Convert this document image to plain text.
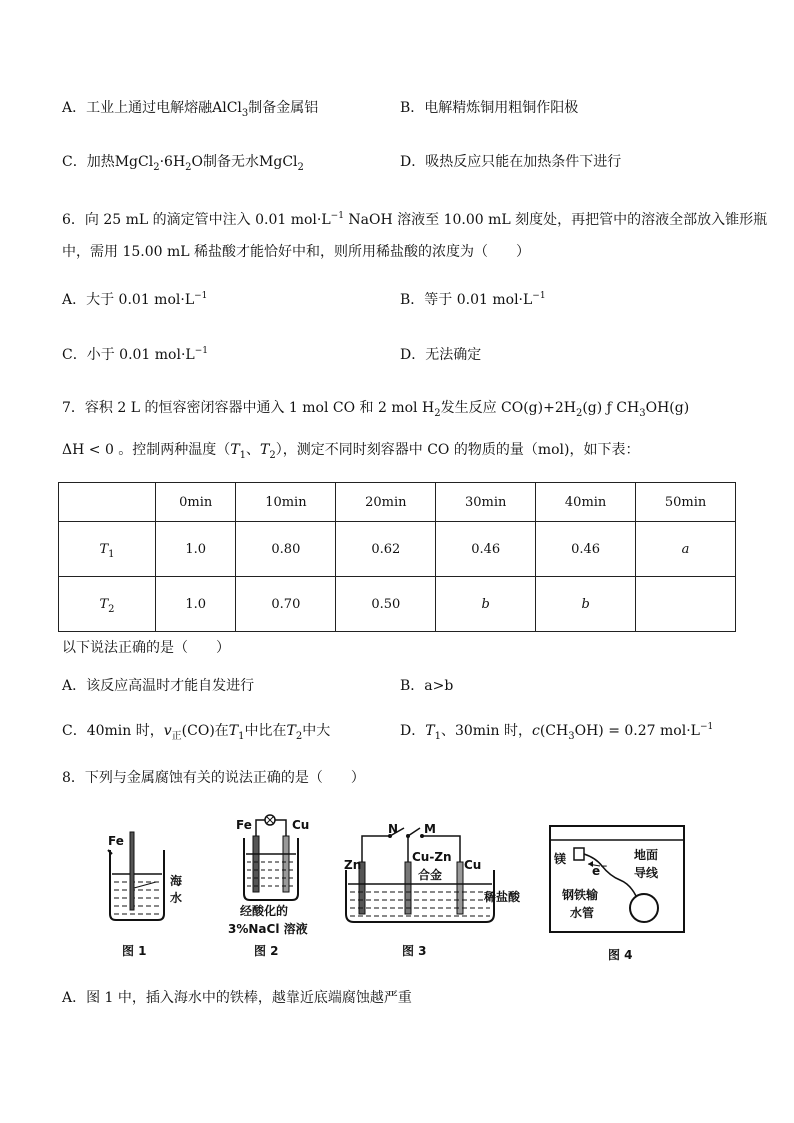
A．工业上通过电解熔融AlCl$_3$制备金属铝	B．电解精炼铜用粗铜作阳极
C．加热$MgCl_2\cdot 6H_2O$制备无水MgCl$_2$	D．吸热反应只能在加热条件下进行
6．向 25 mL 的滴定管中注入 0.01 $mol\cdot L^{-1}$ NaOH 溶液至 10.00 mL 刻度处，再把管中的溶液全部放入锥形瓶
中，需用 15.00 mL 稀盐酸才能恰好中和，则所用稀盐酸的浓度为（　　）
A．大于 0.01 $mol\cdot L^{-1}$	B．等于 0.01 $mol\cdot L^{-1}$
C．小于 0.01 $mol\cdot L^{-1}$	D．无法确定
7．容积 2 L 的恒容密闭容器中通入 1 mol CO 和 2 mol $H_2$发生反应 $CO(g)+2H_2(g)$ ƒ $CH_3OH(g)$
ΔH < 0 。控制两种温度（$T_1$、$T_2$），测定不同时刻容器中 CO 的物质的量（mol)，如下表：
	0min	10min	20min	30min	40min	50min
$T_1$	1.0	0.80	0.62	0.46	0.46	a
$T_2$	1.0	0.70	0.50	b	b	
以下说法正确的是（　　）
A．该反应高温时才能自发进行	B．a>b
C．40min 时，$v_正(CO)$在$T_1$中比在$T_2$中大	D．$T_1$、30min 时，$c(CH_3OH) = 0.27$ $mol\cdot L^{-1}$
8．下列与金属腐蚀有关的说法正确的是（　　）
Fe
海水
图 1
Fe	Cu
经酸化的
3%NaCl 溶液
图 2
N M
Zn
Cu-Zn
合金
Cu
稀盐酸
图 3
镁
e−
地面
导线
钢铁输
水管
图 4
A．图 1 中，插入海水中的铁棒，越靠近底端腐蚀越严重
